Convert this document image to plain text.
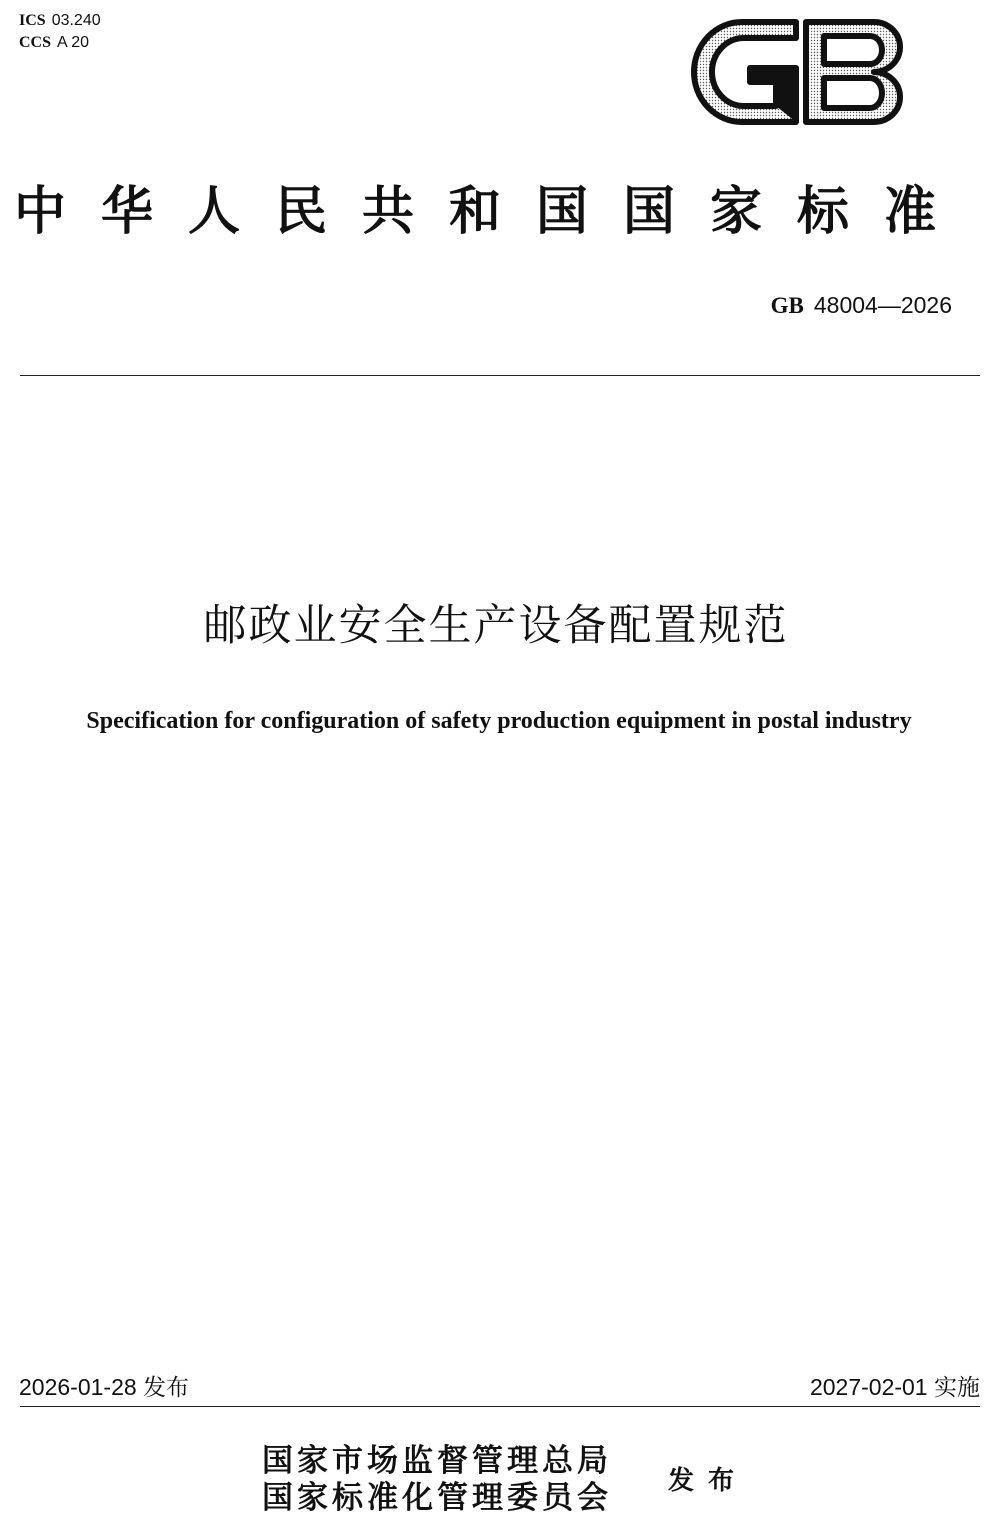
ICS 03.240
CCS A 20
中华人民共和国国家标准
GB 48004—2026
邮政业安全生产设备配置规范
Specification for configuration of safety production equipment in postal industry
2026-01-28 发布	2027-02-01 实施
国家市场监督管理总局
国家标准化管理委员会 发布
